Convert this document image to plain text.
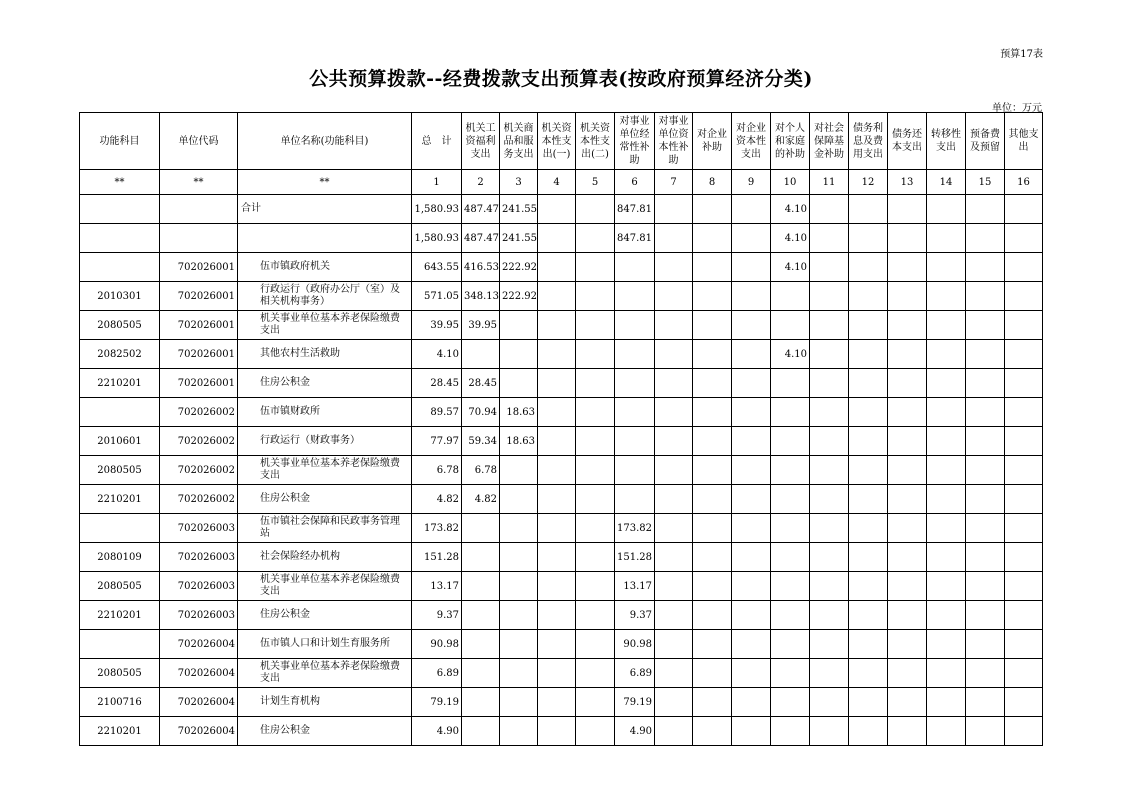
预算17表
公共预算拨款--经费拨款支出预算表(按政府预算经济分类)
单位：万元
功能科目	单位代码	单位名称(功能科目)	总　计	机关工资福利支出	机关商品和服务支出	机关资本性支出(一)	机关资本性支出(二)	对事业单位经常性补助	对事业单位资本性补助	对企业补助	对企业资本性支出	对个人和家庭的补助	对社会保障基金补助	债务利息及费用支出	债务还本支出	转移性支出	预备费及预留	其他支出
**	**	**	1	2	3	4	5	6	7	8	9	10	11	12	13	14	15	16
		合计	1,580.93	487.47	241.55			847.81				4.10						
			1,580.93	487.47	241.55			847.81				4.10						
	702026001	伍市镇政府机关	643.55	416.53	222.92							4.10						
2010301	702026001	行政运行（政府办公厅（室）及相关机构事务）	571.05	348.13	222.92													
2080505	702026001	机关事业单位基本养老保险缴费支出	39.95	39.95														
2082502	702026001	其他农村生活救助	4.10									4.10						
2210201	702026001	住房公积金	28.45	28.45														
	702026002	伍市镇财政所	89.57	70.94	18.63													
2010601	702026002	行政运行（财政事务）	77.97	59.34	18.63													
2080505	702026002	机关事业单位基本养老保险缴费支出	6.78	6.78														
2210201	702026002	住房公积金	4.82	4.82														
	702026003	伍市镇社会保障和民政事务管理站	173.82					173.82										
2080109	702026003	社会保险经办机构	151.28					151.28										
2080505	702026003	机关事业单位基本养老保险缴费支出	13.17					13.17										
2210201	702026003	住房公积金	9.37					9.37										
	702026004	伍市镇人口和计划生育服务所	90.98					90.98										
2080505	702026004	机关事业单位基本养老保险缴费支出	6.89					6.89										
2100716	702026004	计划生育机构	79.19					79.19										
2210201	702026004	住房公积金	4.90					4.90										
